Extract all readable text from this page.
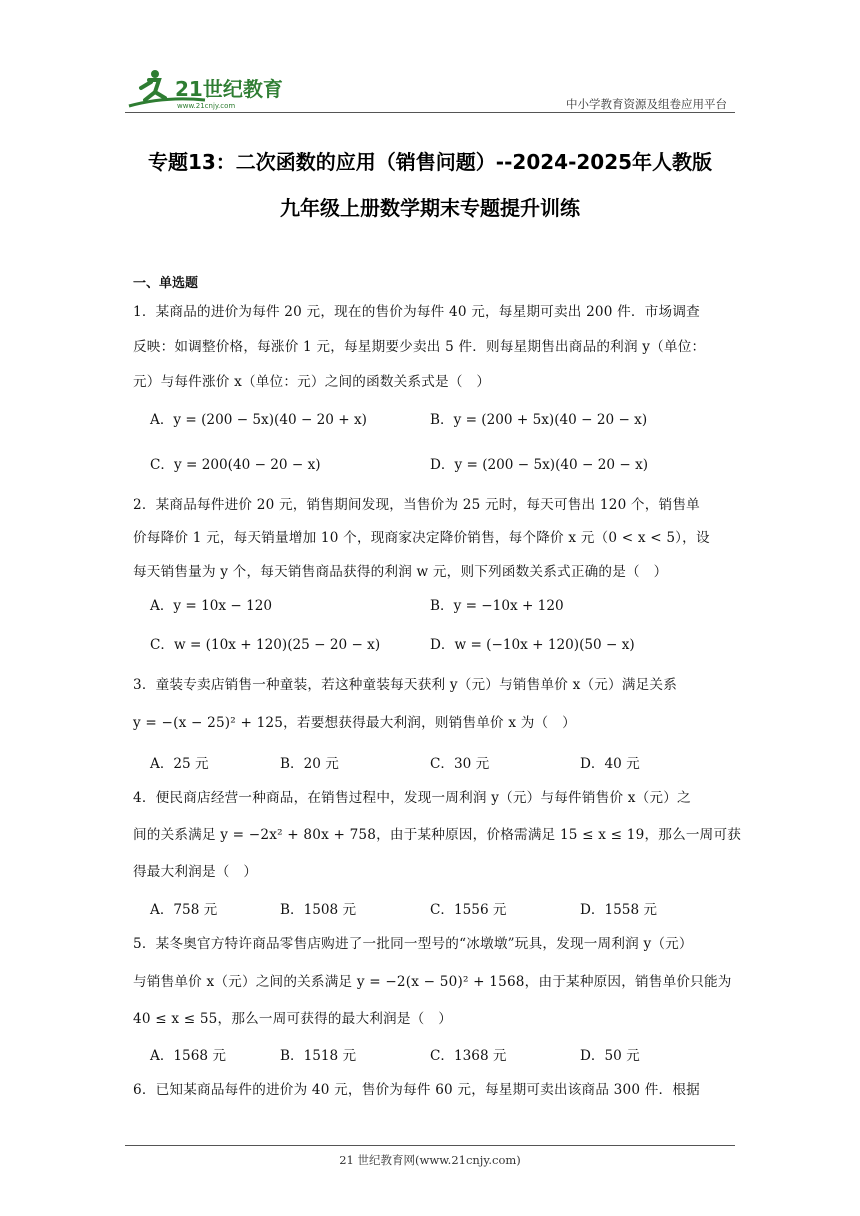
21世纪教育
www.21cnjy.com	中小学教育资源及组卷应用平台
专题13：二次函数的应用（销售问题）--2024-2025年人教版
九年级上册数学期末专题提升训练
一、单选题
1．某商品的进价为每件 20 元，现在的售价为每件 40 元，每星期可卖出 200 件．市场调查
反映：如调整价格，每涨价 1 元，每星期要少卖出 5 件．则每星期售出商品的利润 y（单位：
元）与每件涨价 x（单位：元）之间的函数关系式是（　）
A．y = (200 − 5x)(40 − 20 + x)	B．y = (200 + 5x)(40 − 20 − x)
C．y = 200(40 − 20 − x)	D．y = (200 − 5x)(40 − 20 − x)
2．某商品每件进价 20 元，销售期间发现，当售价为 25 元时，每天可售出 120 个，销售单
价每降价 1 元，每天销量增加 10 个，现商家决定降价销售，每个降价 x 元（0 < x < 5），设
每天销售量为 y 个，每天销售商品获得的利润 w 元，则下列函数关系式正确的是（　）
A．y = 10x − 120	B．y = −10x + 120
C．w = (10x + 120)(25 − 20 − x)	D．w = (−10x + 120)(50 − x)
3．童装专卖店销售一种童装，若这种童装每天获利 y（元）与销售单价 x（元）满足关系
y = −(x − 25)² + 125，若要想获得最大利润，则销售单价 x 为（　）
A．25 元	B．20 元	C．30 元	D．40 元
4．便民商店经营一种商品，在销售过程中，发现一周利润 y（元）与每件销售价 x（元）之
间的关系满足 y = −2x² + 80x + 758，由于某种原因，价格需满足 15 ≤ x ≤ 19，那么一周可获
得最大利润是（　）
A．758 元	B．1508 元	C．1556 元	D．1558 元
5．某冬奥官方特许商品零售店购进了一批同一型号的“冰墩墩”玩具，发现一周利润 y（元）
与销售单价 x（元）之间的关系满足 y = −2(x − 50)² + 1568，由于某种原因，销售单价只能为
40 ≤ x ≤ 55，那么一周可获得的最大利润是（　）
A．1568 元	B．1518 元	C．1368 元	D．50 元
6．已知某商品每件的进价为 40 元，售价为每件 60 元，每星期可卖出该商品 300 件．根据
21 世纪教育网(www.21cnjy.com)
